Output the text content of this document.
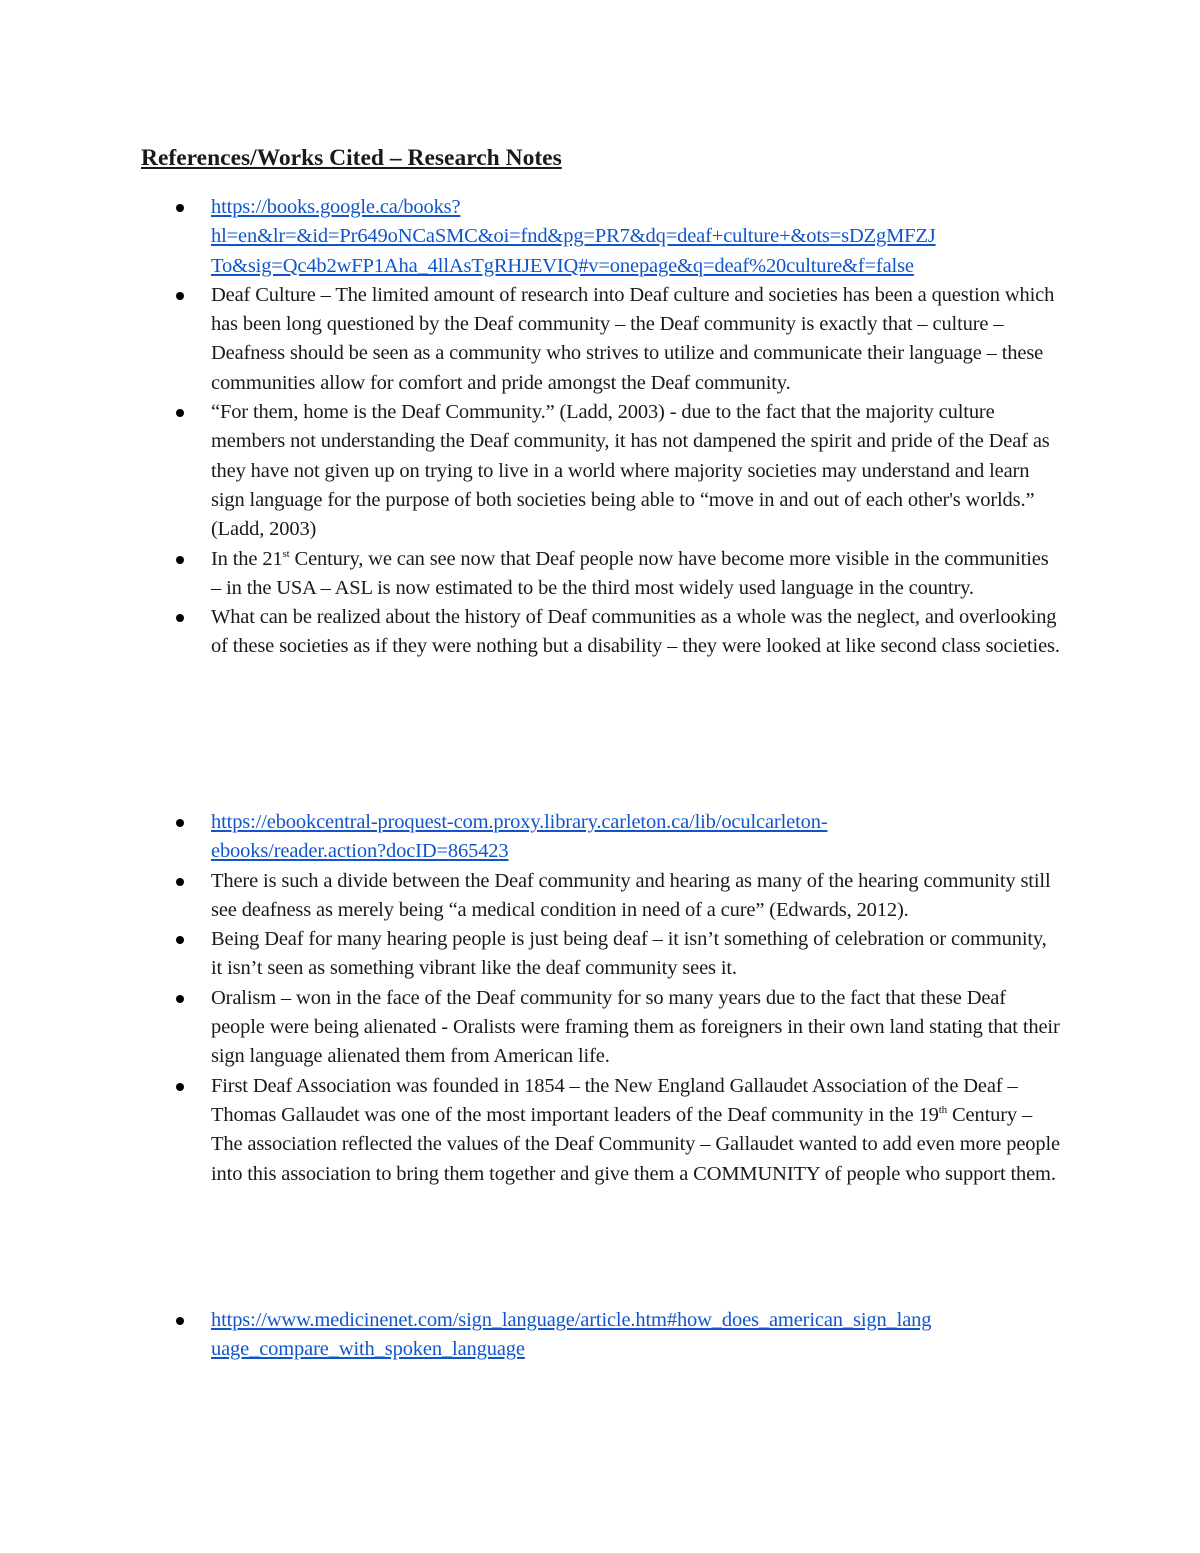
References/Works Cited – Research Notes
https://books.google.ca/books?
hl=en&lr=&id=Pr649oNCaSMC&oi=fnd&pg=PR7&dq=deaf+culture+&ots=sDZgMFZJ
To&sig=Qc4b2wFP1Aha_4llAsTgRHJEVIQ#v=onepage&q=deaf%20culture&f=false
Deaf Culture – The limited amount of research into Deaf culture and societies has been a question which has been long questioned by the Deaf community – the Deaf community is exactly that – culture – Deafness should be seen as a community who strives to utilize and communicate their language – these communities allow for comfort and pride amongst the Deaf community.
“For them, home is the Deaf Community.” (Ladd, 2003) - due to the fact that the majority culture members not understanding the Deaf community, it has not dampened the spirit and pride of the Deaf as they have not given up on trying to live in a world where majority societies may understand and learn sign language for the purpose of both societies being able to “move in and out of each other's worlds.” (Ladd, 2003)
In the 21st Century, we can see now that Deaf people now have become more visible in the communities – in the USA – ASL is now estimated to be the third most widely used language in the country.
What can be realized about the history of Deaf communities as a whole was the neglect, and overlooking of these societies as if they were nothing but a disability – they were looked at like second class societies.
https://ebookcentral-proquest-com.proxy.library.carleton.ca/lib/oculcarleton-
ebooks/reader.action?docID=865423
There is such a divide between the Deaf community and hearing as many of the hearing community still see deafness as merely being “a medical condition in need of a cure” (Edwards, 2012).
Being Deaf for many hearing people is just being deaf – it isn’t something of celebration or community, it isn’t seen as something vibrant like the deaf community sees it.
Oralism – won in the face of the Deaf community for so many years due to the fact that these Deaf people were being alienated - Oralists were framing them as foreigners in their own land stating that their sign language alienated them from American life.
First Deaf Association was founded in 1854 – the New England Gallaudet Association of the Deaf – Thomas Gallaudet was one of the most important leaders of the Deaf community in the 19th Century – The association reflected the values of the Deaf Community – Gallaudet wanted to add even more people into this association to bring them together and give them a COMMUNITY of people who support them.
https://www.medicinenet.com/sign_language/article.htm#how_does_american_sign_lang
uage_compare_with_spoken_language
